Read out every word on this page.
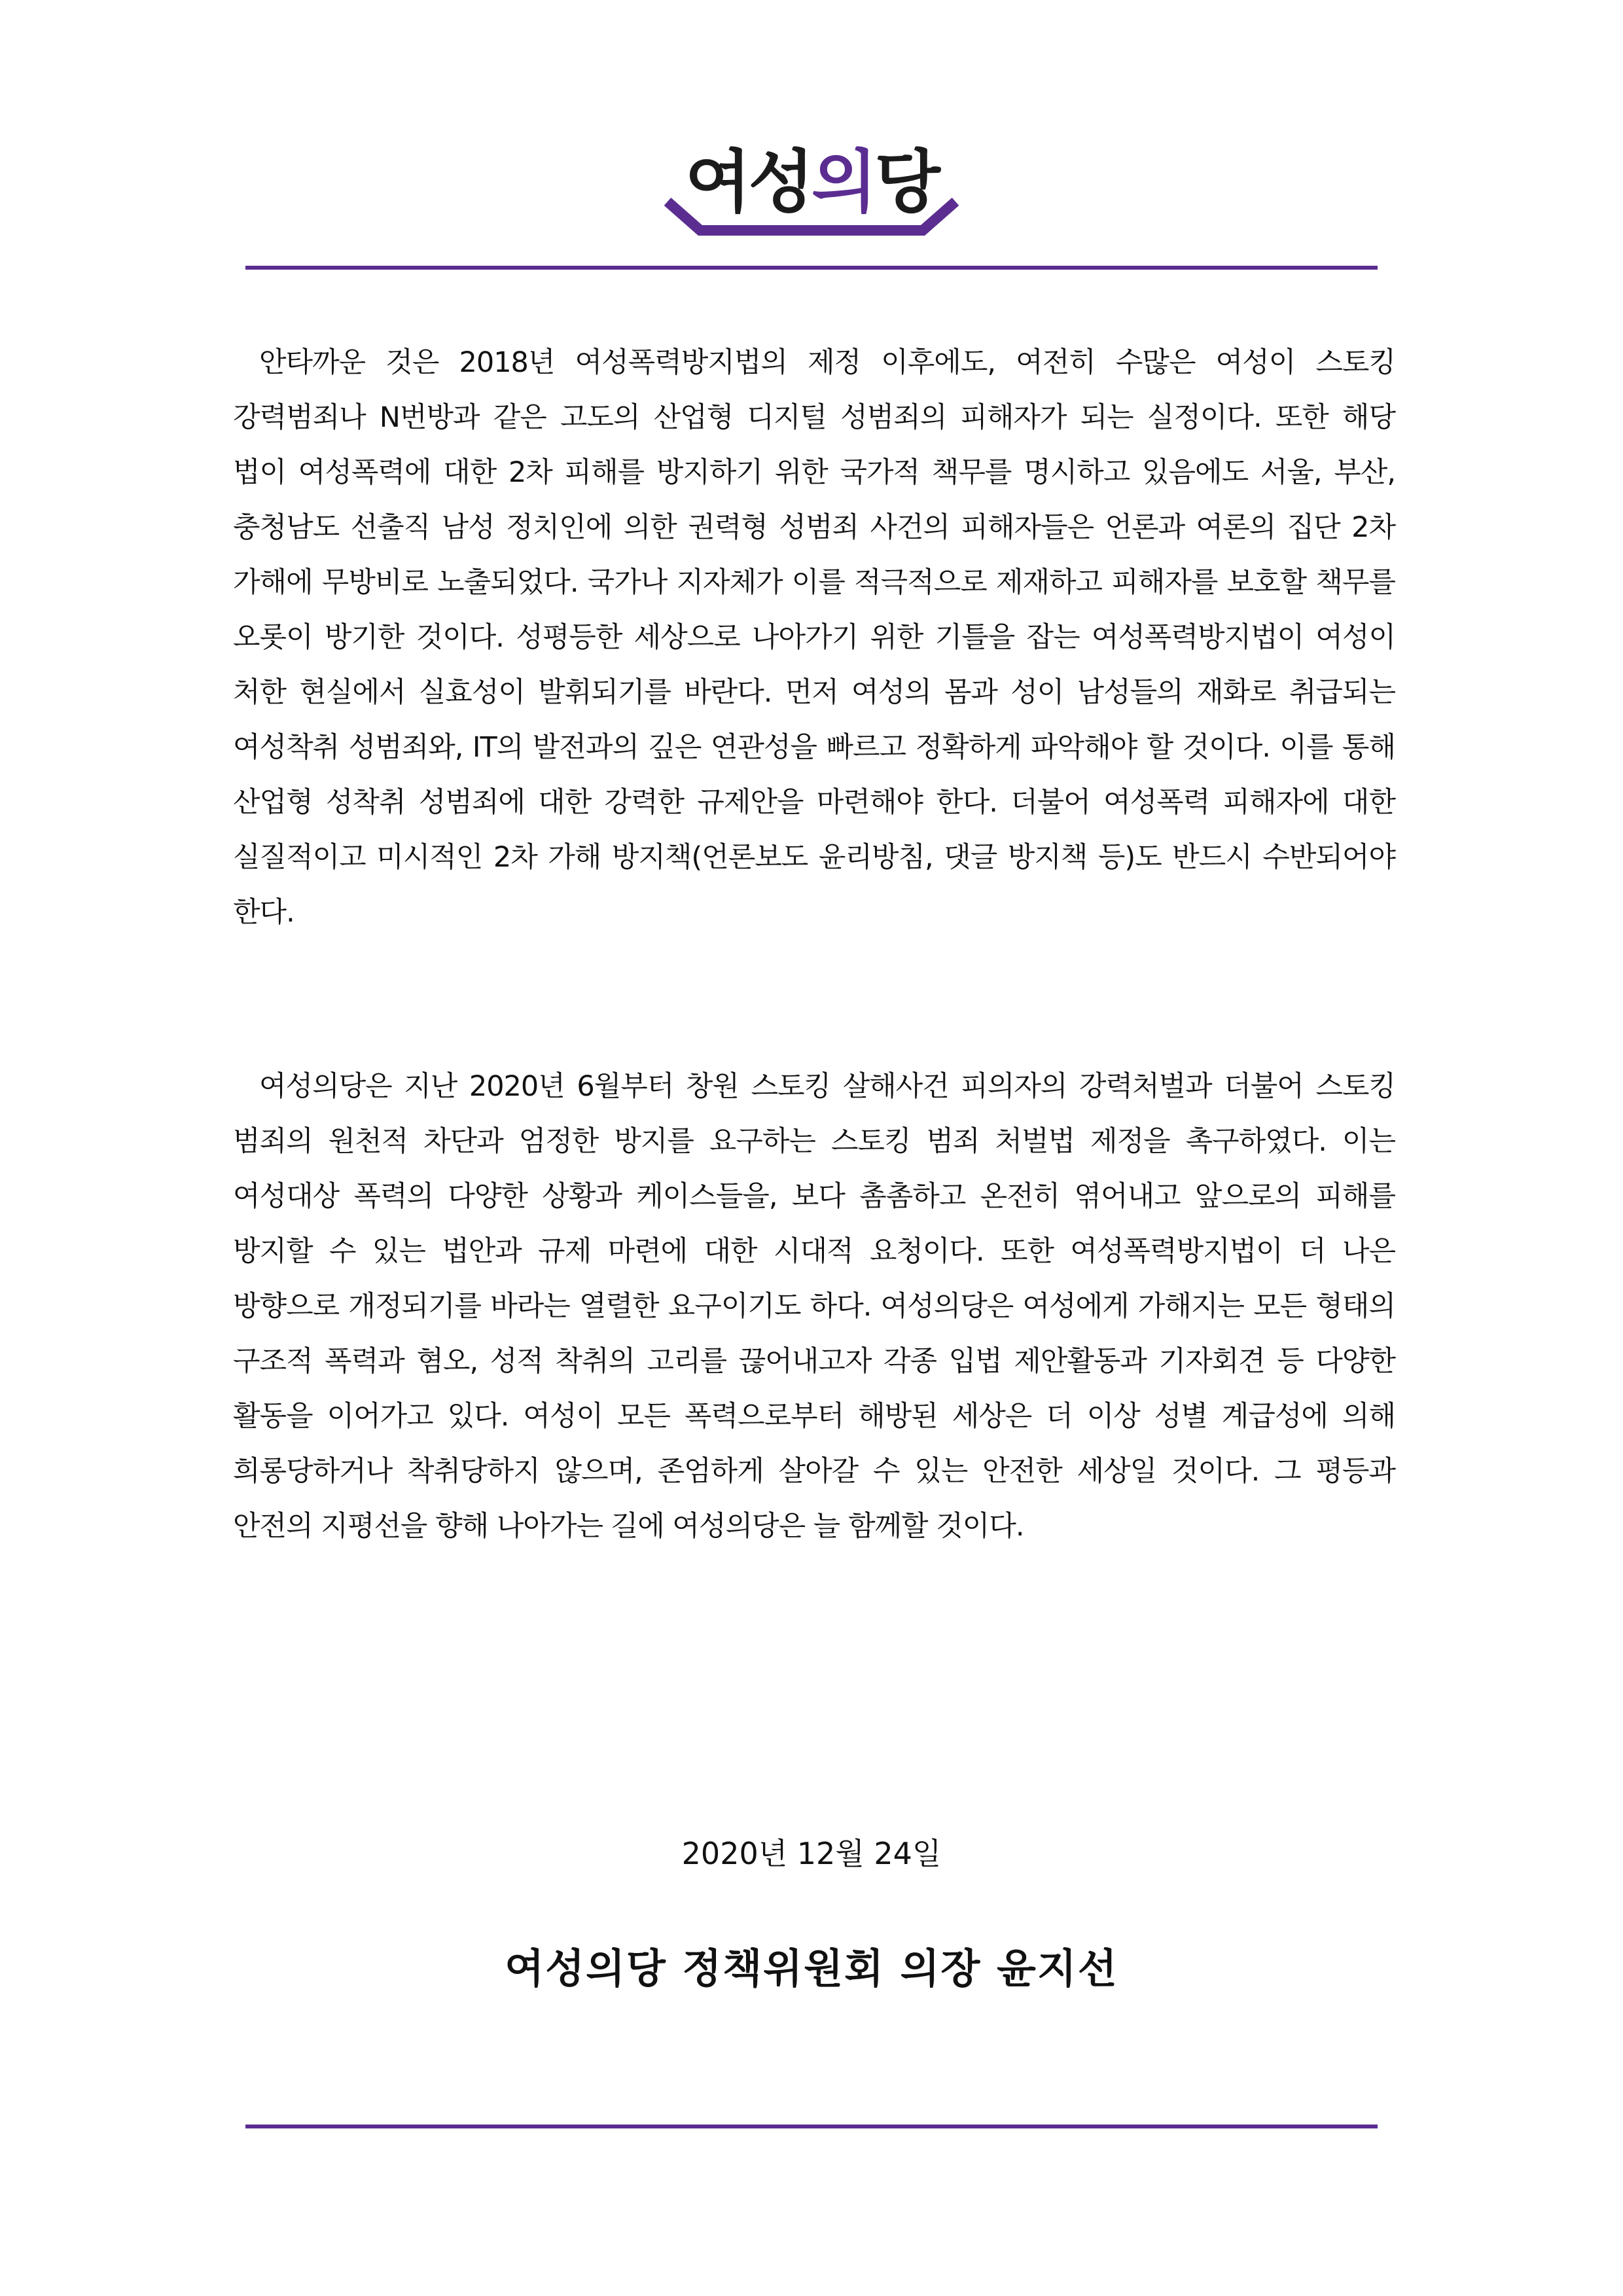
여성의당
안타까운 것은 2018년 여성폭력방지법의 제정 이후에도, 여전히 수많은 여성이 스토킹 강력범죄나 N번방과 같은 고도의 산업형 디지털 성범죄의 피해자가 되는 실정이다. 또한 해당 법이 여성폭력에 대한 2차 피해를 방지하기 위한 국가적 책무를 명시하고 있음에도 서울, 부산, 충청남도 선출직 남성 정치인에 의한 권력형 성범죄 사건의 피해자들은 언론과 여론의 집단 2차 가해에 무방비로 노출되었다. 국가나 지자체가 이를 적극적으로 제재하고 피해자를 보호할 책무를 오롯이 방기한 것이다. 성평등한 세상으로 나아가기 위한 기틀을 잡는 여성폭력방지법이 여성이 처한 현실에서 실효성이 발휘되기를 바란다. 먼저 여성의 몸과 성이 남성들의 재화로 취급되는 여성착취 성범죄와, IT의 발전과의 깊은 연관성을 빠르고 정확하게 파악해야 할 것이다. 이를 통해 산업형 성착취 성범죄에 대한 강력한 규제안을 마련해야 한다. 더불어 여성폭력 피해자에 대한 실질적이고 미시적인 2차 가해 방지책(언론보도 윤리방침, 댓글 방지책 등)도 반드시 수반되어야 한다.
여성의당은 지난 2020년 6월부터 창원 스토킹 살해사건 피의자의 강력처벌과 더불어 스토킹 범죄의 원천적 차단과 엄정한 방지를 요구하는 스토킹 범죄 처벌법 제정을 촉구하였다. 이는 여성대상 폭력의 다양한 상황과 케이스들을, 보다 촘촘하고 온전히 엮어내고 앞으로의 피해를 방지할 수 있는 법안과 규제 마련에 대한 시대적 요청이다. 또한 여성폭력방지법이 더 나은 방향으로 개정되기를 바라는 열렬한 요구이기도 하다. 여성의당은 여성에게 가해지는 모든 형태의 구조적 폭력과 혐오, 성적 착취의 고리를 끊어내고자 각종 입법 제안활동과 기자회견 등 다양한 활동을 이어가고 있다. 여성이 모든 폭력으로부터 해방된 세상은 더 이상 성별 계급성에 의해 희롱당하거나 착취당하지 않으며, 존엄하게 살아갈 수 있는 안전한 세상일 것이다. 그 평등과 안전의 지평선을 향해 나아가는 길에 여성의당은 늘 함께할 것이다.
2020년 12월 24일
여성의당 정책위원회 의장 윤지선
